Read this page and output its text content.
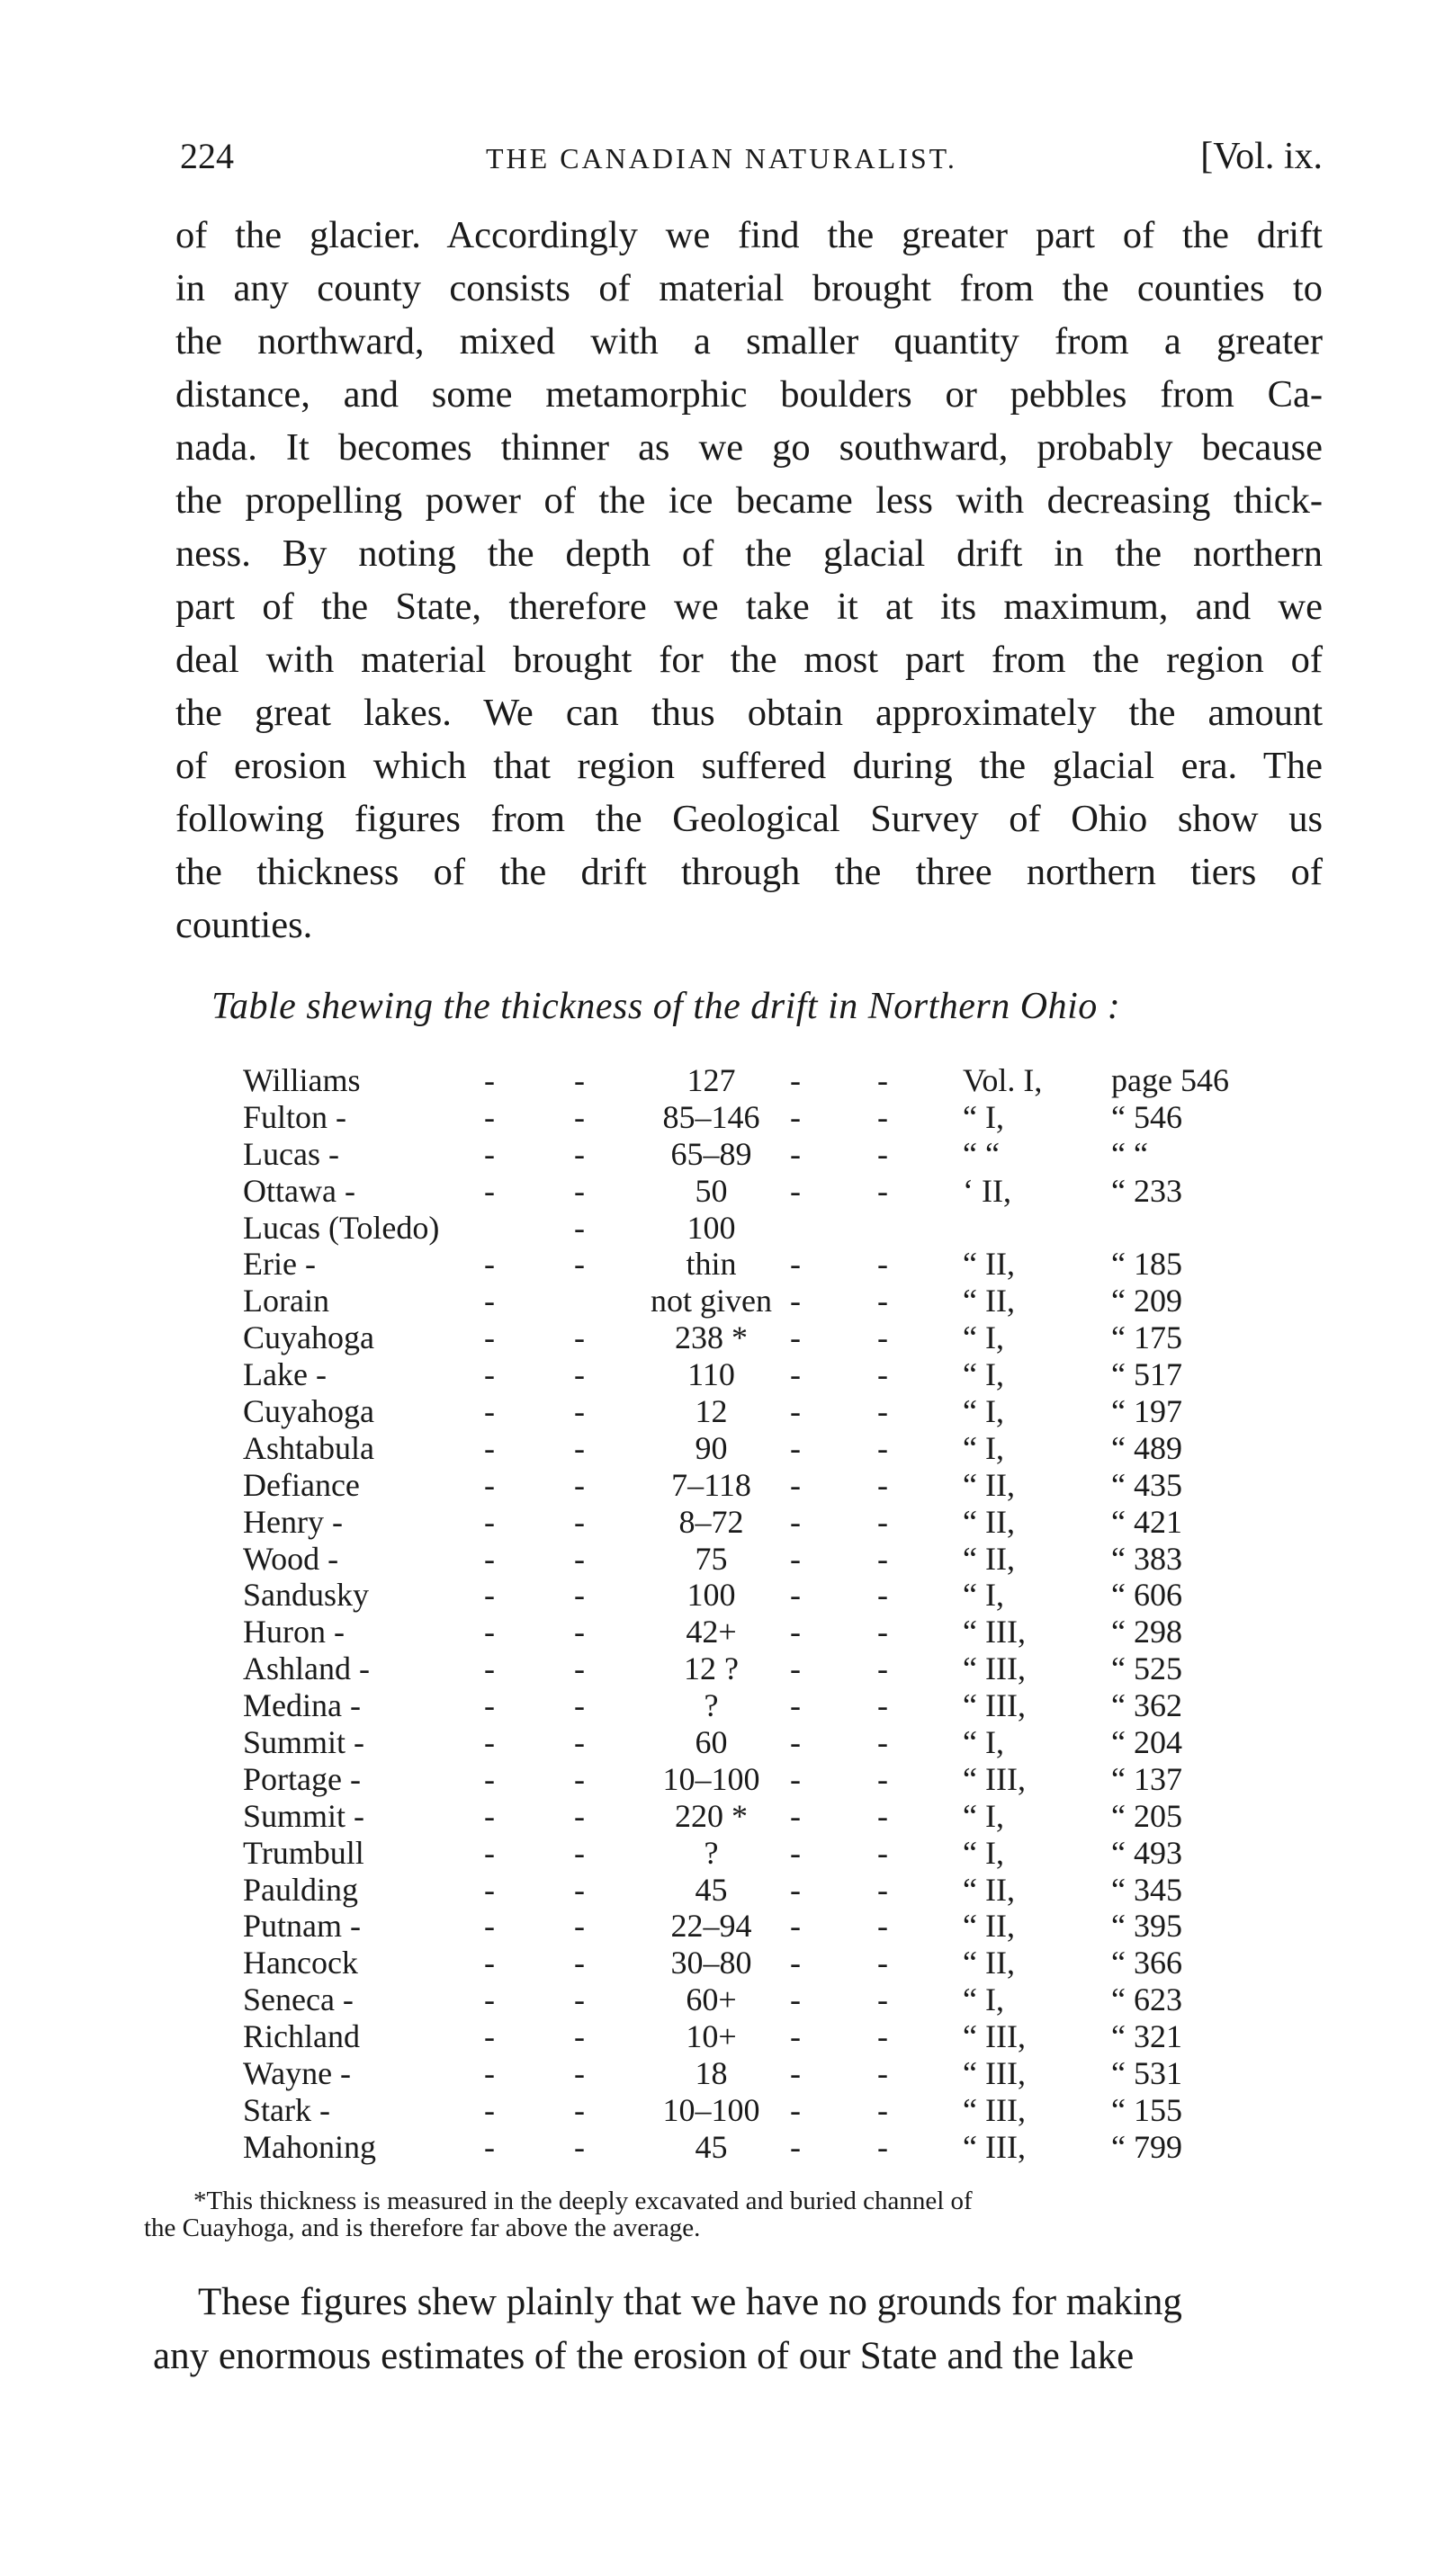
224	THE CANADIAN NATURALIST.	[Vol. ix.
of the glacier. Accordingly we find the greater part of the drift
in any county consists of material brought from the counties to
the northward, mixed with a smaller quantity from a greater
distance, and some metamorphic boulders or pebbles from Ca-
nada. It becomes thinner as we go southward, probably because
the propelling power of the ice became less with decreasing thick-
ness. By noting the depth of the glacial drift in the northern
part of the State, therefore we take it at its maximum, and we
deal with material brought for the most part from the region of
the great lakes. We can thus obtain approximately the amount
of erosion which that region suffered during the glacial era. The
following figures from the Geological Survey of Ohio show us
the thickness of the drift through the three northern tiers of
counties.
Table shewing the thickness of the drift in Northern Ohio :
Williams	- -	127	- - Vol. I,	page 546
Fulton -	- -	85–146 - - “ I,	“ 546
Lucas -	- -	65–89	- - “ “	“ “
Ottawa -	- -	50	- - ‘ II,	“ 233
Lucas (Toledo)	-	100
Erie -	- -	thin	- - “ II,	“ 185
Lorain	-	not given - - “ II,	“ 209
Cuyahoga	- -	238 *	- - “ I,	“ 175
Lake -	- -	110	- - “ I,	“ 517
Cuyahoga	- -	12	- - “ I,	“ 197
Ashtabula	- -	90	- - “ I,	“ 489
Defiance	- -	7–118	- - “ II,	“ 435
Henry -	- -	8–72	- - “ II,	“ 421
Wood -	- -	75	- - “ II,	“ 383
Sandusky	- -	100	- - “ I,	“ 606
Huron -	- -	42+	- - “ III,	“ 298
Ashland -	- -	12 ?	- - “ III,	“ 525
Medina -	- -	?	- - “ III,	“ 362
Summit -	- -	60	- - “ I,	“ 204
Portage -	- -	10–100 - - “ III,	“ 137
Summit -	- -	220 *	- - “ I,	“ 205
Trumbull	- -	?	- - “ I,	“ 493
Paulding	- -	45	- - “ II,	“ 345
Putnam -	- -	22–94	- - “ II,	“ 395
Hancock	- -	30–80	- - “ II,	“ 366
Seneca -	- -	60+	- - “ I,	“ 623
Richland	- -	10+	- - “ III,	“ 321
Wayne -	- -	18	- - “ III,	“ 531
Stark -	- -	10–100 - - “ III,	“ 155
Mahoning	- -	45	- - “ III,	“ 799
*This thickness is measured in the deeply excavated and buried channel of
the Cuayhoga, and is therefore far above the average.
These figures shew plainly that we have no grounds for making
any enormous estimates of the erosion of our State and the lake
